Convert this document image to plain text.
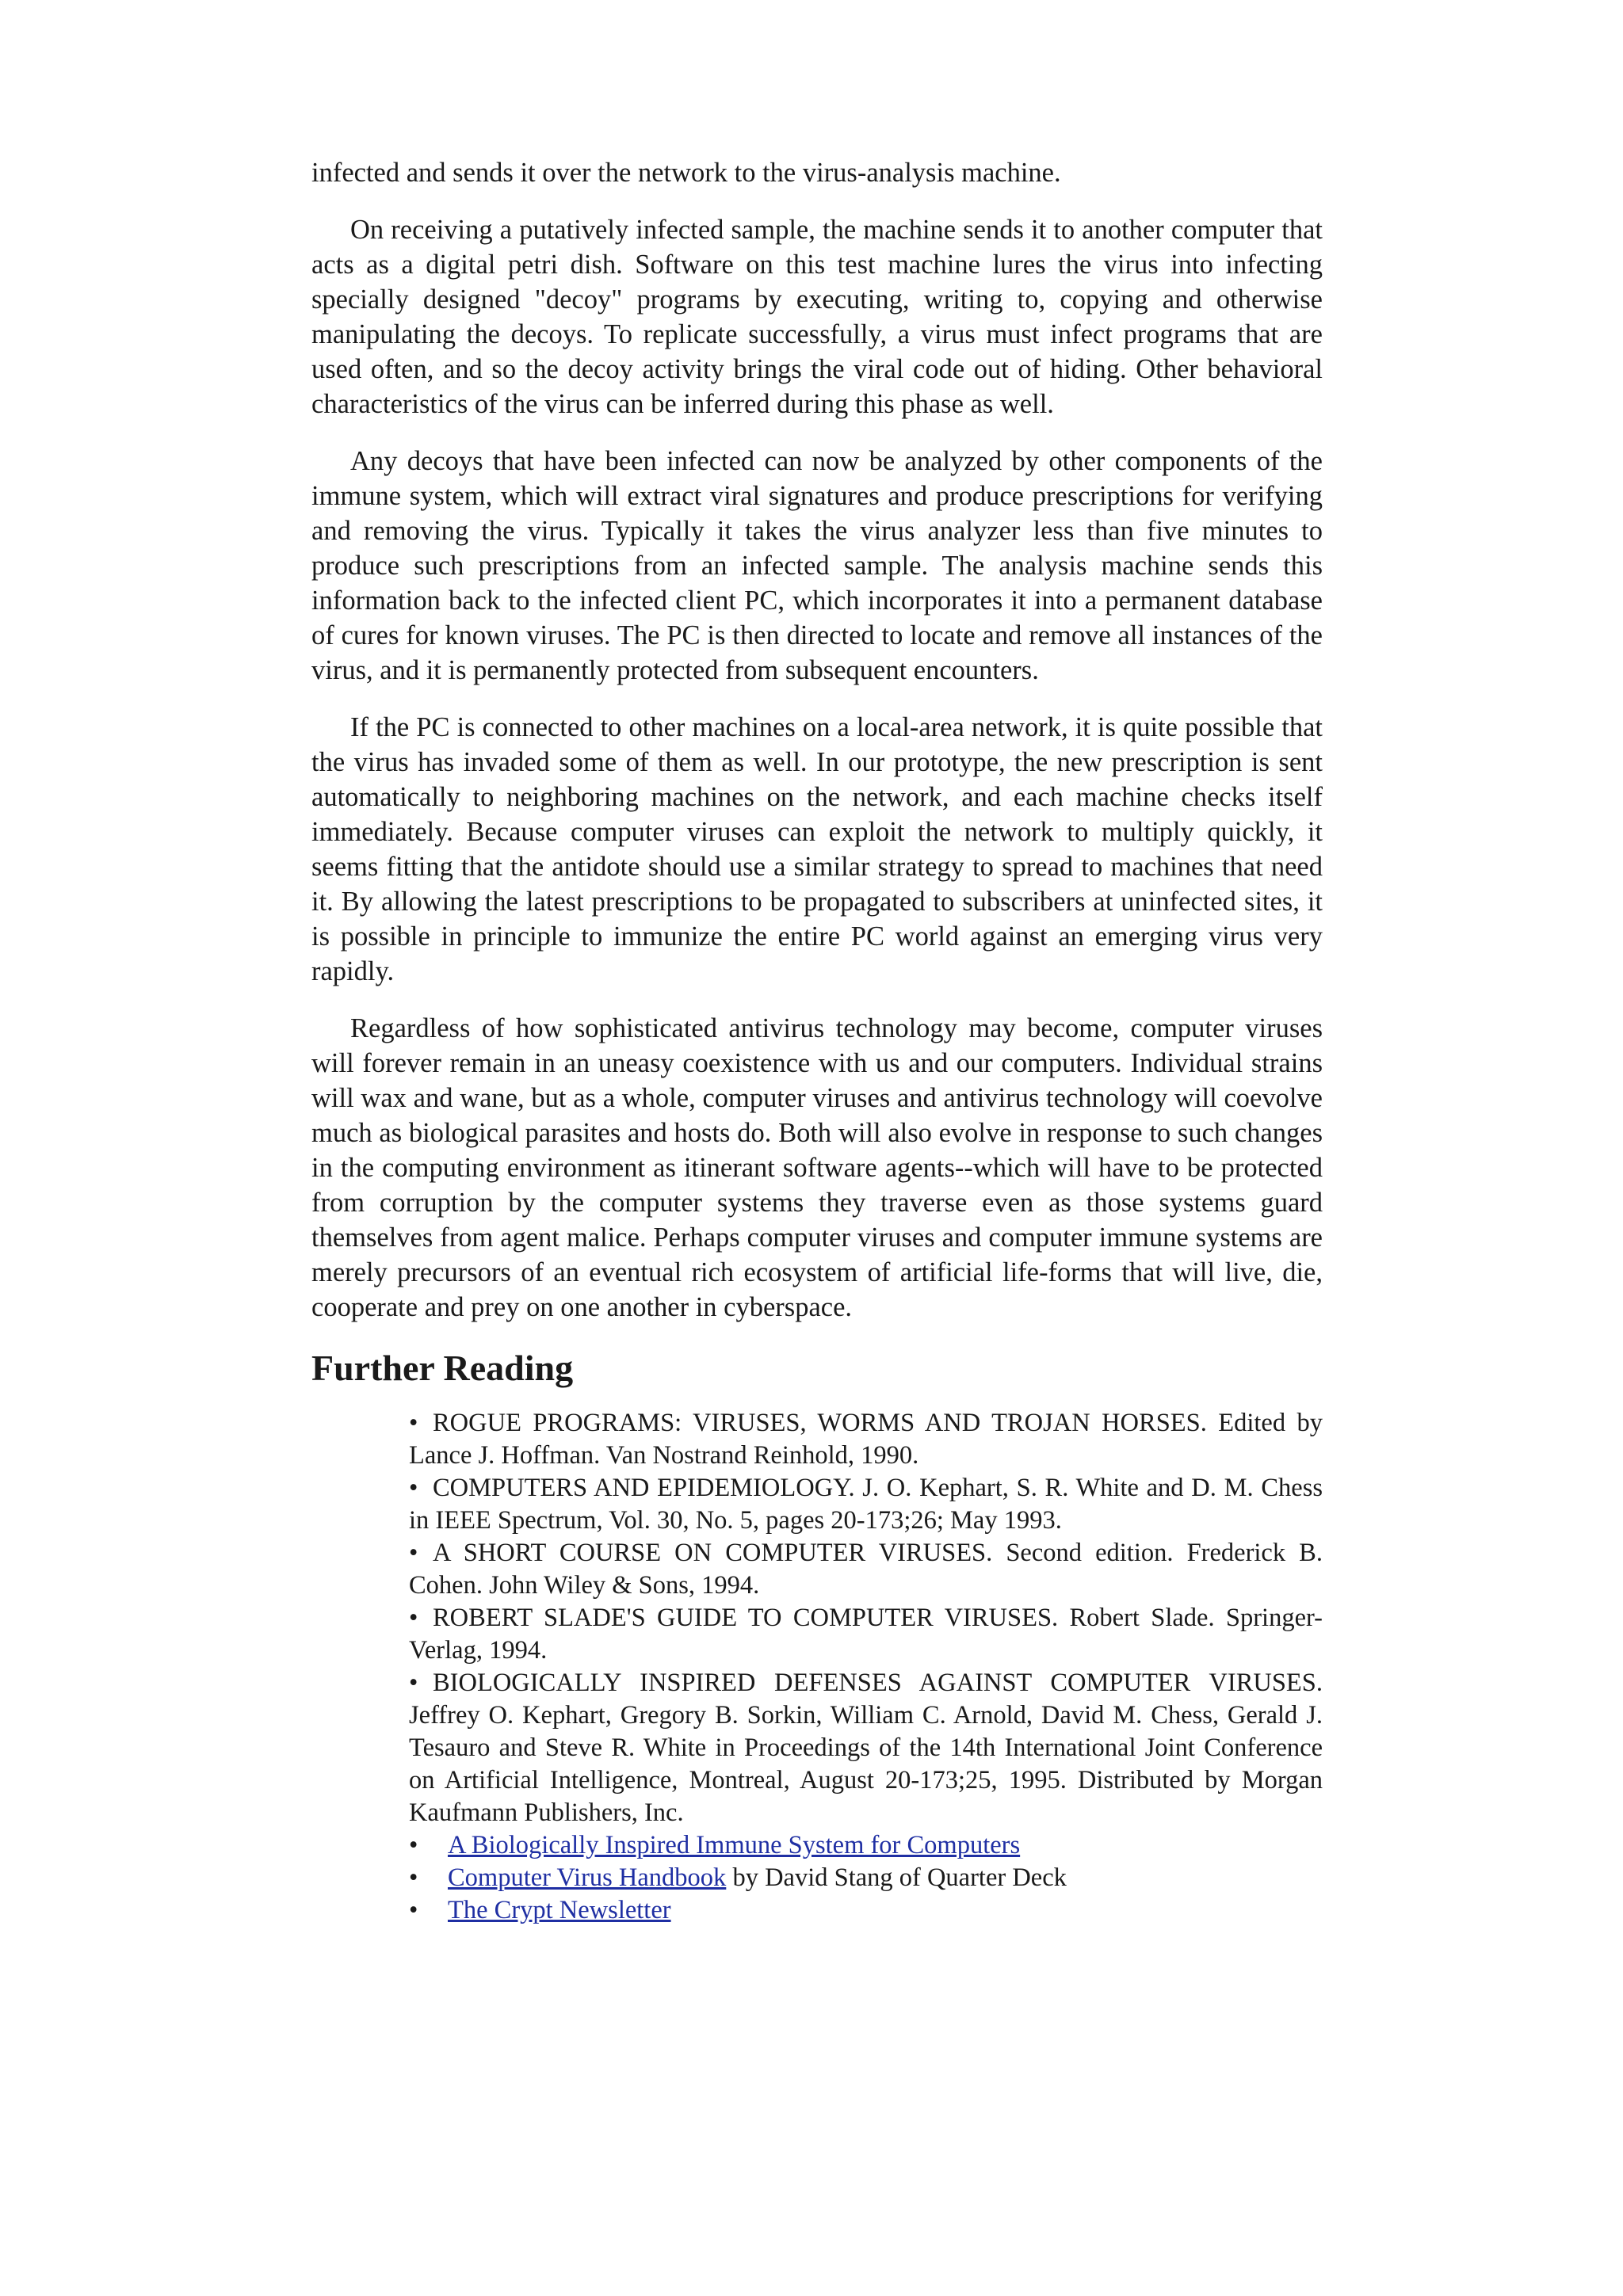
infected and sends it over the network to the virus-analysis machine.

On receiving a putatively infected sample, the machine sends it to another computer that acts as a digital petri dish. Software on this test machine lures the virus into infecting specially designed "decoy" programs by executing, writing to, copying and otherwise manipulating the decoys. To replicate successfully, a virus must infect programs that are used often, and so the decoy activity brings the viral code out of hiding. Other behavioral characteristics of the virus can be inferred during this phase as well.

Any decoys that have been infected can now be analyzed by other components of the immune system, which will extract viral signatures and produce prescriptions for verifying and removing the virus. Typically it takes the virus analyzer less than five minutes to produce such prescriptions from an infected sample. The analysis machine sends this information back to the infected client PC, which incorporates it into a permanent database of cures for known viruses. The PC is then directed to locate and remove all instances of the virus, and it is permanently protected from subsequent encounters.

If the PC is connected to other machines on a local-area network, it is quite possible that the virus has invaded some of them as well. In our prototype, the new prescription is sent automatically to neighboring machines on the network, and each machine checks itself immediately. Because computer viruses can exploit the network to multiply quickly, it seems fitting that the antidote should use a similar strategy to spread to machines that need it. By allowing the latest prescriptions to be propagated to subscribers at uninfected sites, it is possible in principle to immunize the entire PC world against an emerging virus very rapidly.

Regardless of how sophisticated antivirus technology may become, computer viruses will forever remain in an uneasy coexistence with us and our computers. Individual strains will wax and wane, but as a whole, computer viruses and antivirus technology will coevolve much as biological parasites and hosts do. Both will also evolve in response to such changes in the computing environment as itinerant software agents--which will have to be protected from corruption by the computer systems they traverse even as those systems guard themselves from agent malice. Perhaps computer viruses and computer immune systems are merely precursors of an eventual rich ecosystem of artificial life-forms that will live, die, cooperate and prey on one another in cyberspace.

Further Reading
• ROGUE PROGRAMS: VIRUSES, WORMS AND TROJAN HORSES. Edited by Lance J. Hoffman. Van Nostrand Reinhold, 1990.
• COMPUTERS AND EPIDEMIOLOGY. J. O. Kephart, S. R. White and D. M. Chess in IEEE Spectrum, Vol. 30, No. 5, pages 20-173;26; May 1993.
• A SHORT COURSE ON COMPUTER VIRUSES. Second edition. Frederick B. Cohen. John Wiley & Sons, 1994.
• ROBERT SLADE'S GUIDE TO COMPUTER VIRUSES. Robert Slade. Springer-Verlag, 1994.
• BIOLOGICALLY INSPIRED DEFENSES AGAINST COMPUTER VIRUSES. Jeffrey O. Kephart, Gregory B. Sorkin, William C. Arnold, David M. Chess, Gerald J. Tesauro and Steve R. White in Proceedings of the 14th International Joint Conference on Artificial Intelligence, Montreal, August 20-173;25, 1995. Distributed by Morgan Kaufmann Publishers, Inc.
• A Biologically Inspired Immune System for Computers
• Computer Virus Handbook by David Stang of Quarter Deck
• The Crypt Newsletter
